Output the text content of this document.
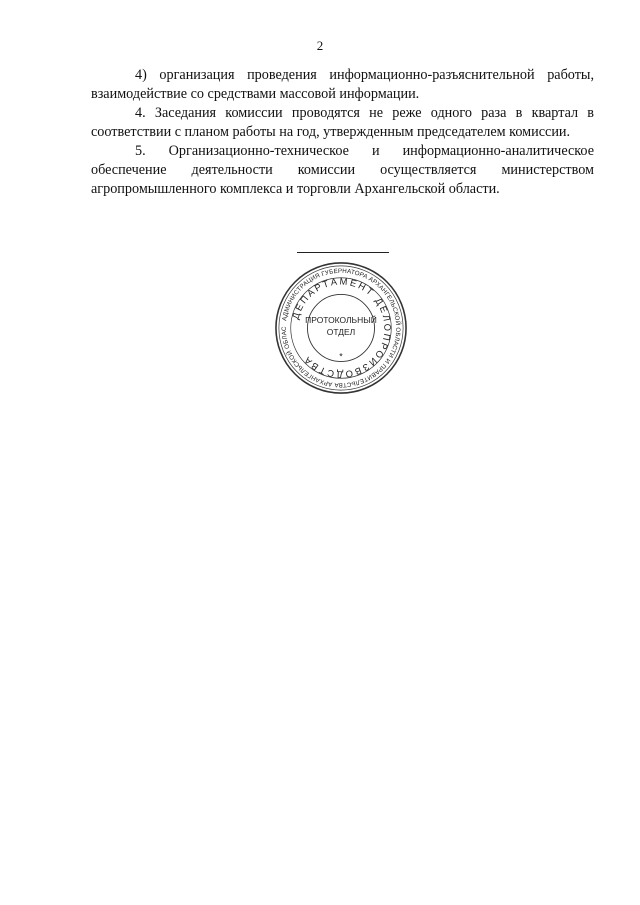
2

4) организация проведения информационно-разъяснительной работы, взаимодействие со средствами массовой информации.

4. Заседания комиссии проводятся не реже одного раза в квартал в соответствии с планом работы на год, утвержденным председателем комиссии.

5. Организационно-техническое и информационно-аналитическое обеспечение деятельности комиссии осуществляется министерством агропромышленного комплекса и торговли Архангельской области.

АДМИНИСТРАЦИЯ ГУБЕРНАТОРА АРХАНГЕЛЬСКОЙ ОБЛАСТИ И ПРАВИТЕЛЬСТВА АРХАНГЕЛЬСКОЙ ОБЛАС
ДЕПАРТАМЕНТ ДЕЛОПРОИЗВОДСТВА
ПРОТОКОЛЬНЫЙ
ОТДЕЛ
*
